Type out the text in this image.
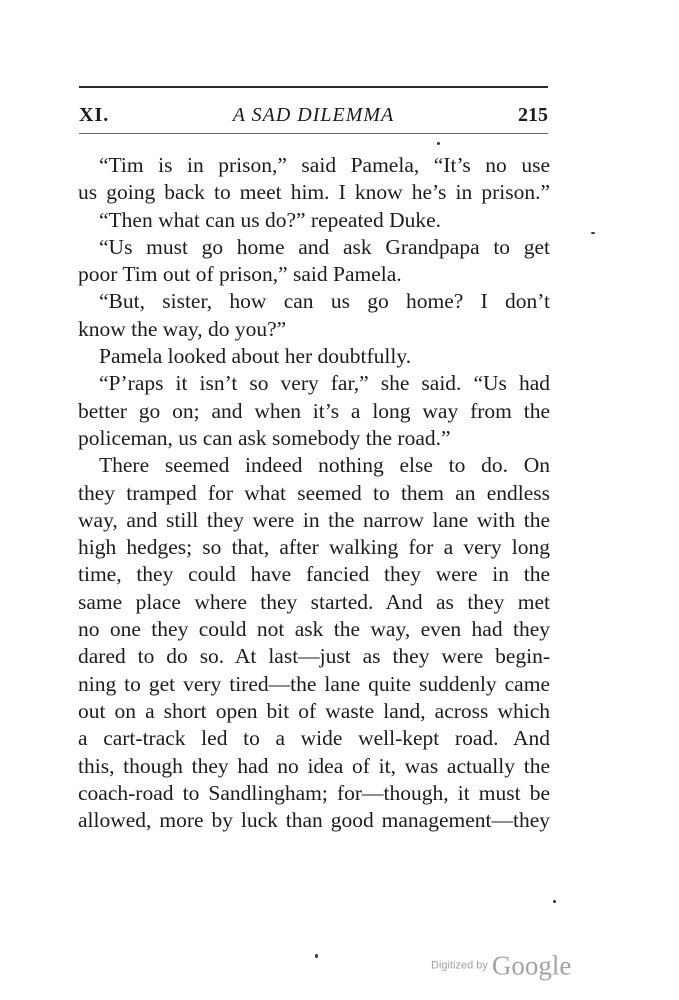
XI.	A SAD DILEMMA	215
“Tim is in prison,” said Pamela, “It’s no use
us going back to meet him. I know he’s in prison.”
“Then what can us do?” repeated Duke.
“Us must go home and ask Grandpapa to get
poor Tim out of prison,” said Pamela.
“But, sister, how can us go home? I don’t
know the way, do you?”
Pamela looked about her doubtfully.
“P’raps it isn’t so very far,” she said. “Us had
better go on; and when it’s a long way from the
policeman, us can ask somebody the road.”
There seemed indeed nothing else to do. On
they tramped for what seemed to them an endless
way, and still they were in the narrow lane with the
high hedges; so that, after walking for a very long
time, they could have fancied they were in the
same place where they started. And as they met
no one they could not ask the way, even had they
dared to do so. At last—just as they were begin-
ning to get very tired—the lane quite suddenly came
out on a short open bit of waste land, across which
a cart-track led to a wide well-kept road. And
this, though they had no idea of it, was actually the
coach-road to Sandlingham; for—though, it must be
allowed, more by luck than good management—they
Digitized by Google
